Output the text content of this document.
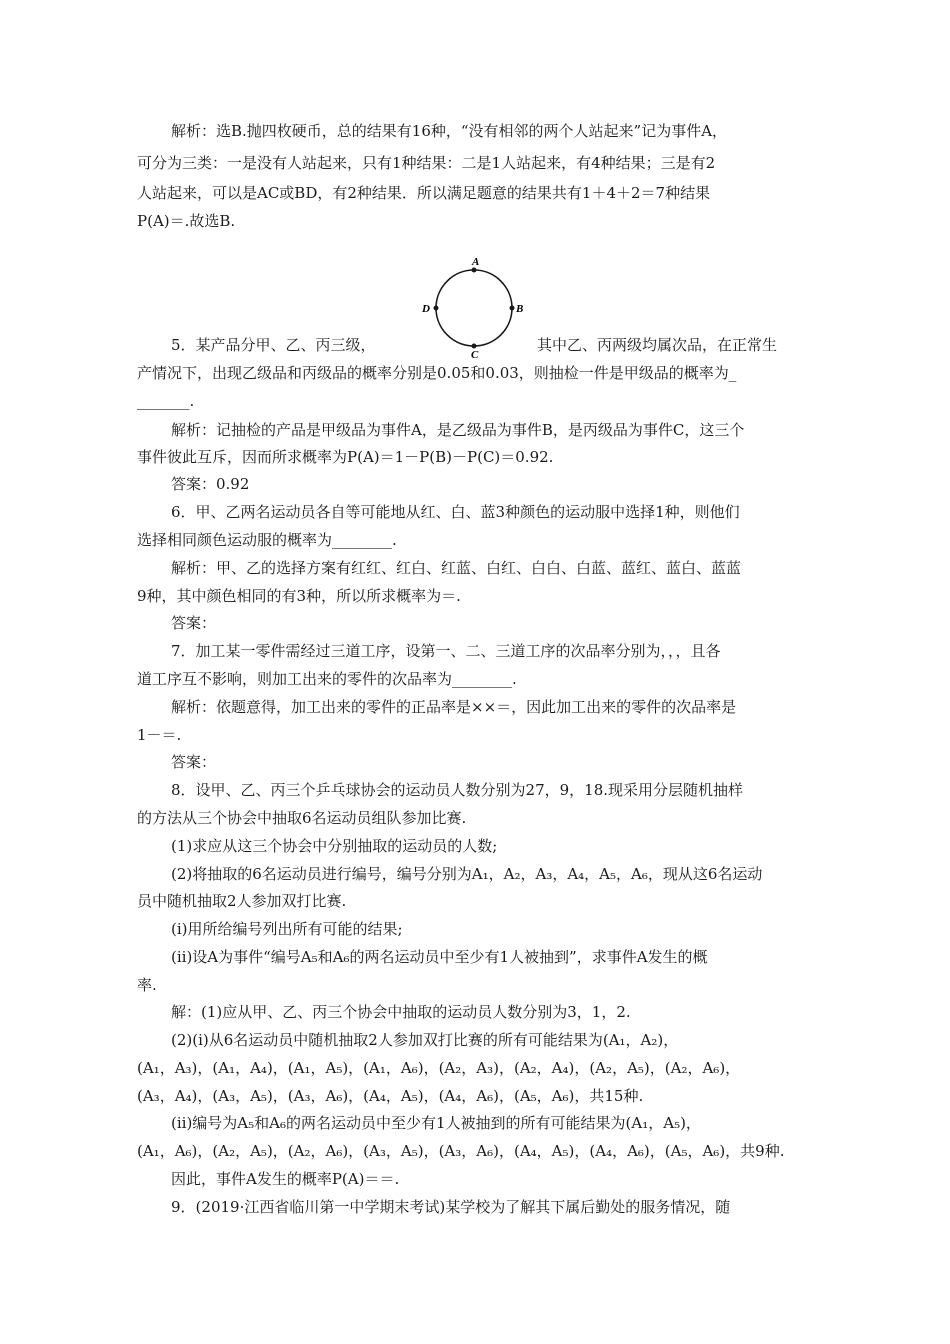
解析：选B.抛四枚硬币，总的结果有16种，“没有相邻的两个人站起来”记为事件A，
可分为三类：一是没有人站起来，只有1种结果：二是1人站起来，有4种结果；三是有2
人站起来，可以是AC或BD，有2种结果．所以满足题意的结果共有1＋4＋2＝7种结果
P(A)＝.故选B.
A
B
C
D
5．某产品分甲、乙、丙三级，	其中乙、丙两级均属次品，在正常生
产情况下，出现乙级品和丙级品的概率分别是0.05和0.03，则抽检一件是甲级品的概率为_
_______.
解析：记抽检的产品是甲级品为事件A，是乙级品为事件B，是丙级品为事件C，这三个
事件彼此互斥，因而所求概率为P(A)＝1－P(B)－P(C)＝0.92.
答案：0.92
6．甲、乙两名运动员各自等可能地从红、白、蓝3种颜色的运动服中选择1种，则他们
选择相同颜色运动服的概率为________.
解析：甲、乙的选择方案有红红、红白、红蓝、白红、白白、白蓝、蓝红、蓝白、蓝蓝
9种，其中颜色相同的有3种，所以所求概率为＝.
答案：
7．加工某一零件需经过三道工序，设第一、二、三道工序的次品率分别为，，，且各
道工序互不影响，则加工出来的零件的次品率为________.
解析：依题意得，加工出来的零件的正品率是××＝，因此加工出来的零件的次品率是
1－＝.
答案：
8．设甲、乙、丙三个乒乓球协会的运动员人数分别为27，9，18.现采用分层随机抽样
的方法从三个协会中抽取6名运动员组队参加比赛.
(1)求应从这三个协会中分别抽取的运动员的人数;
(2)将抽取的6名运动员进行编号，编号分别为A₁，A₂，A₃，A₄，A₅，A₆，现从这6名运动
员中随机抽取2人参加双打比赛.
(ⅰ)用所给编号列出所有可能的结果;
(ⅱ)设A为事件“编号A₅和A₆的两名运动员中至少有1人被抽到”，求事件A发生的概
率.
解：(1)应从甲、乙、丙三个协会中抽取的运动员人数分别为3，1，2.
(2)(ⅰ)从6名运动员中随机抽取2人参加双打比赛的所有可能结果为(A₁，A₂)，
(A₁，A₃)，(A₁，A₄)，(A₁，A₅)，(A₁，A₆)，(A₂，A₃)，(A₂，A₄)，(A₂，A₅)，(A₂，A₆)，
(A₃，A₄)，(A₃，A₅)，(A₃，A₆)，(A₄，A₅)，(A₄，A₆)，(A₅，A₆)，共15种.
(ⅱ)编号为A₅和A₆的两名运动员中至少有1人被抽到的所有可能结果为(A₁，A₅)，
(A₁，A₆)，(A₂，A₅)，(A₂，A₆)，(A₃，A₅)，(A₃，A₆)，(A₄，A₅)，(A₄，A₆)，(A₅，A₆)，共9种.
因此，事件A发生的概率P(A)＝＝.
9．(2019·江西省临川第一中学期末考试)某学校为了解其下属后勤处的服务情况，随
